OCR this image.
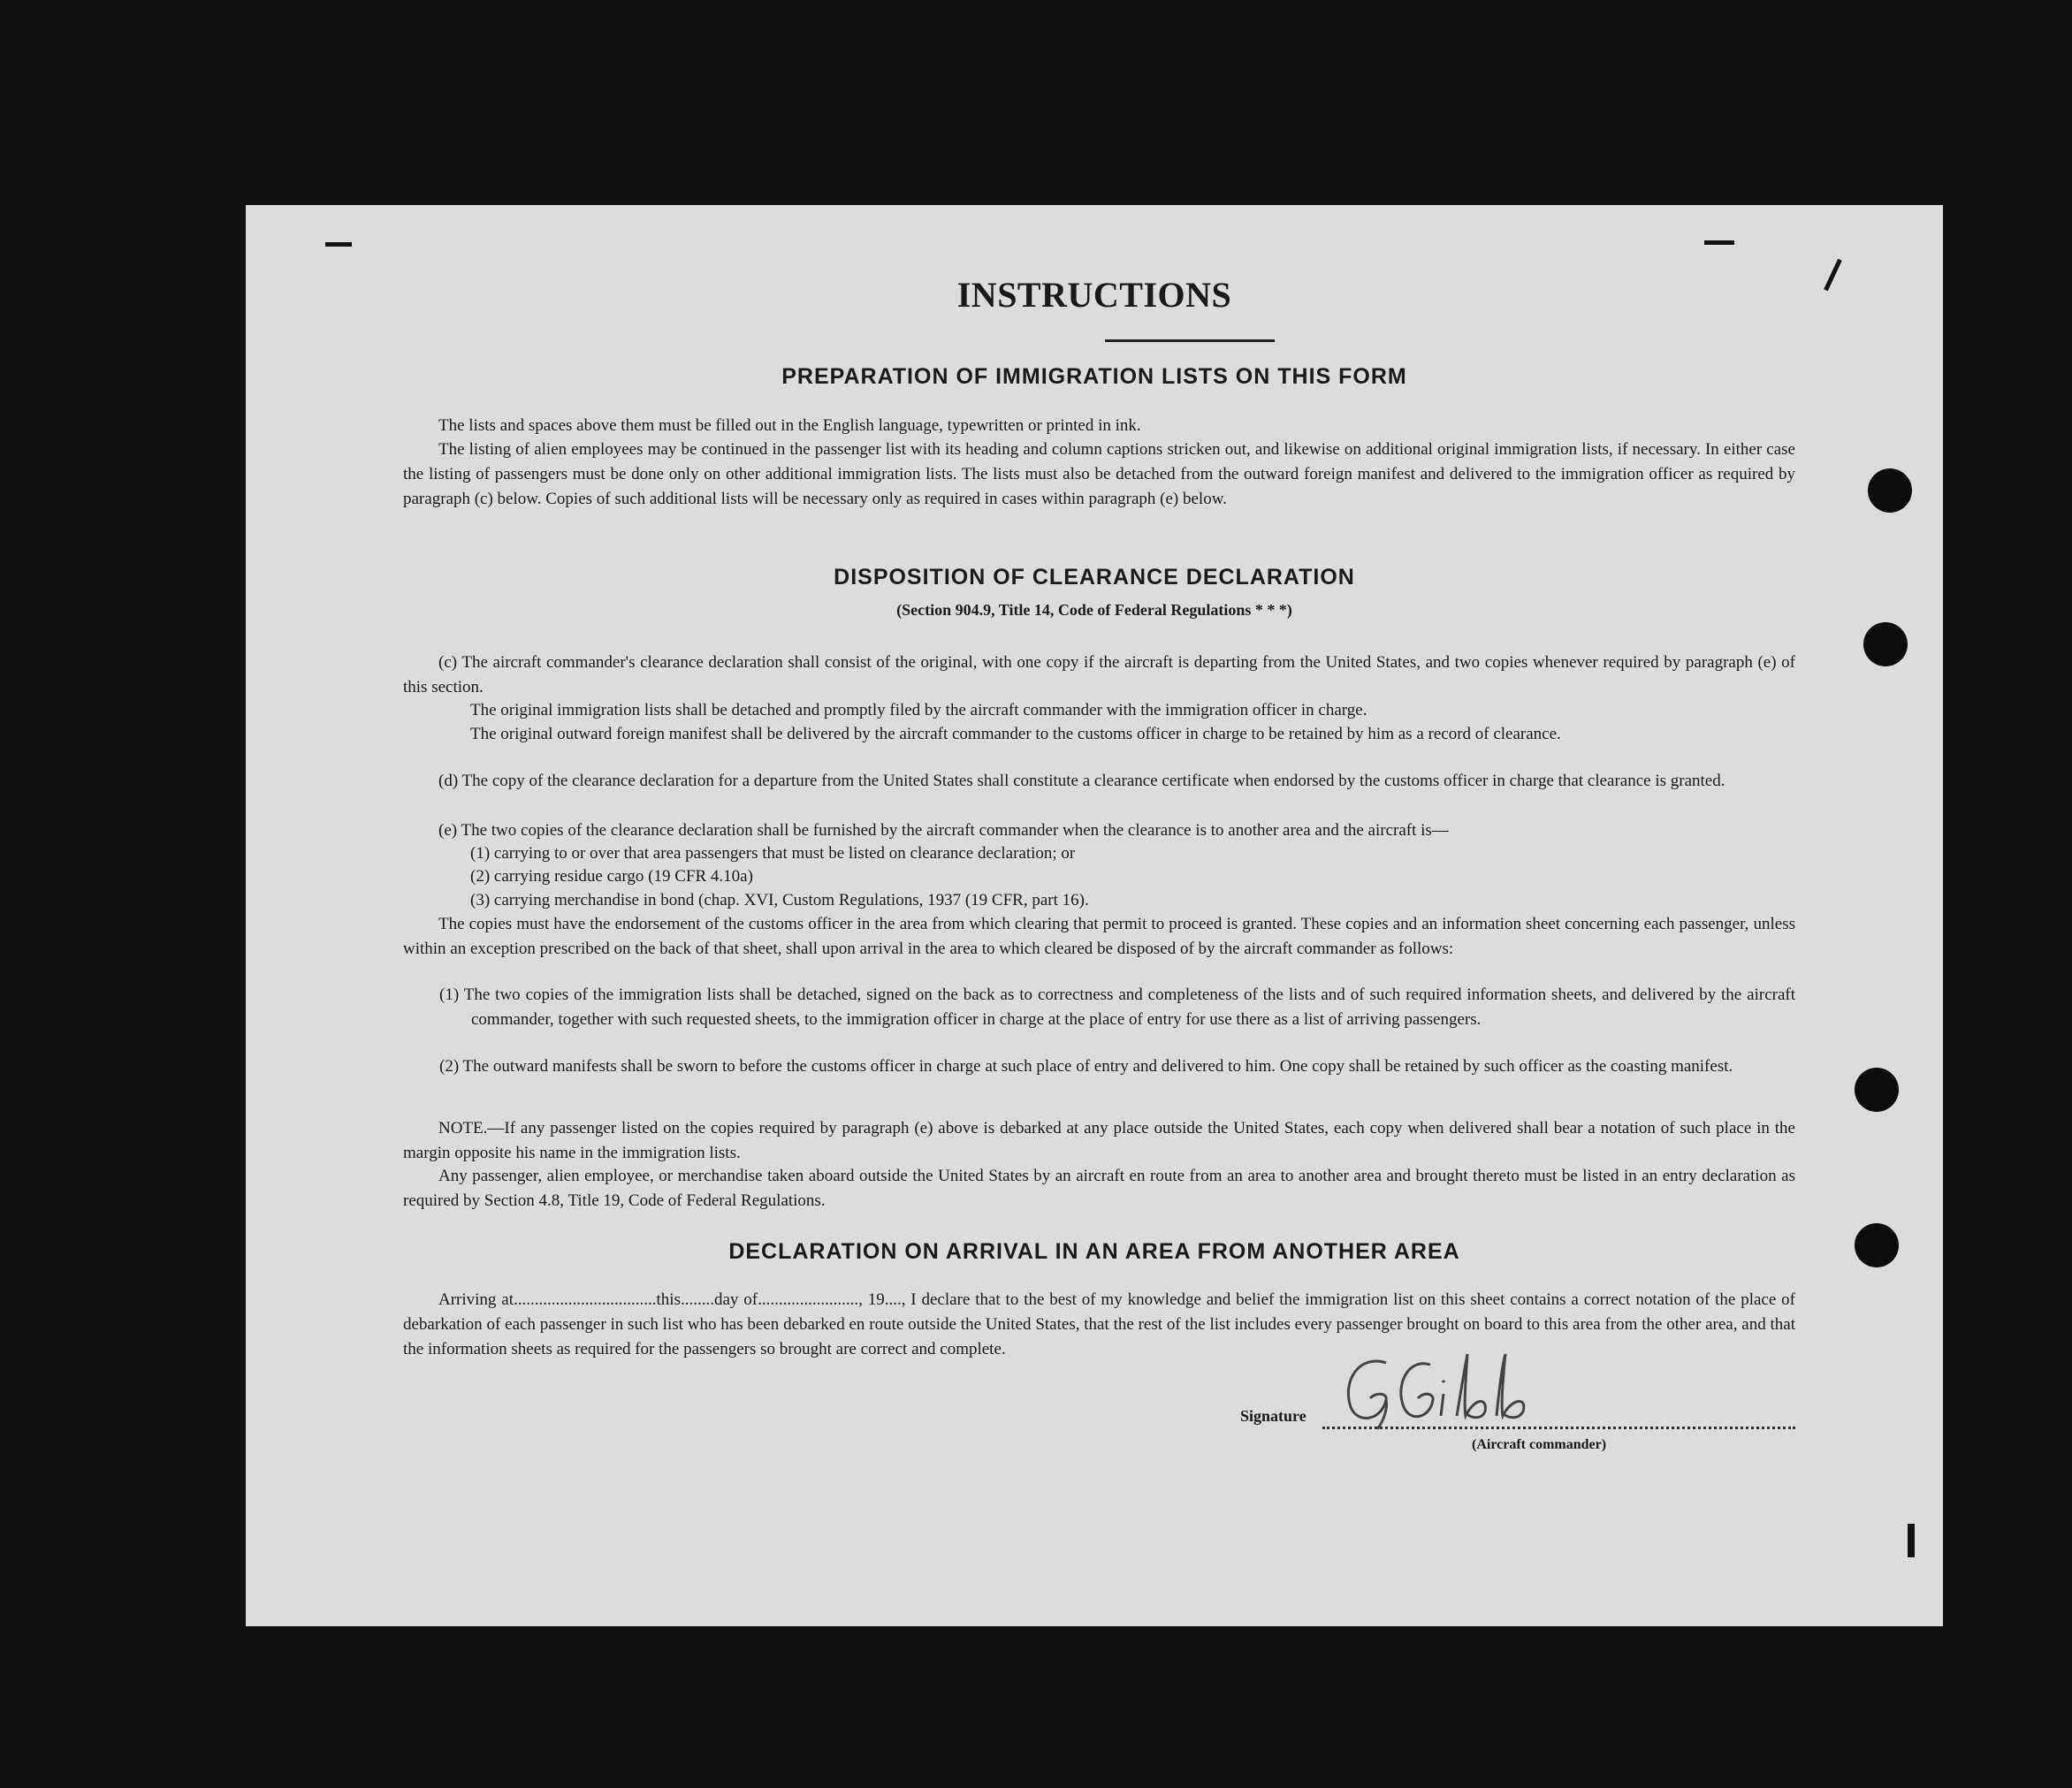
INSTRUCTIONS
PREPARATION OF IMMIGRATION LISTS ON THIS FORM
The lists and spaces above them must be filled out in the English language, typewritten or printed in ink.
The listing of alien employees may be continued in the passenger list with its heading and column captions stricken out, and likewise on additional original immigration lists, if necessary. In either case the listing of passengers must be done only on other additional immigration lists. The lists must also be detached from the outward foreign manifest and delivered to the immigration officer as required by paragraph (c) below. Copies of such additional lists will be necessary only as required in cases within paragraph (e) below.
DISPOSITION OF CLEARANCE DECLARATION
(Section 904.9, Title 14, Code of Federal Regulations * * *)
(c) The aircraft commander's clearance declaration shall consist of the original, with one copy if the aircraft is departing from the United States, and two copies whenever required by paragraph (e) of this section.
The original immigration lists shall be detached and promptly filed by the aircraft commander with the immigration officer in charge.
The original outward foreign manifest shall be delivered by the aircraft commander to the customs officer in charge to be retained by him as a record of clearance.
(d) The copy of the clearance declaration for a departure from the United States shall constitute a clearance certificate when endorsed by the customs officer in charge that clearance is granted.
(e) The two copies of the clearance declaration shall be furnished by the aircraft commander when the clearance is to another area and the aircraft is—
(1) carrying to or over that area passengers that must be listed on clearance declaration; or
(2) carrying residue cargo (19 CFR 4.10a)
(3) carrying merchandise in bond (chap. XVI, Custom Regulations, 1937 (19 CFR, part 16).
The copies must have the endorsement of the customs officer in the area from which clearing that permit to proceed is granted. These copies and an information sheet concerning each passenger, unless within an exception prescribed on the back of that sheet, shall upon arrival in the area to which cleared be disposed of by the aircraft commander as follows:
(1) The two copies of the immigration lists shall be detached, signed on the back as to correctness and completeness of the lists and of such required information sheets, and delivered by the aircraft commander, together with such requested sheets, to the immigration officer in charge at the place of entry for use there as a list of arriving passengers.
(2) The outward manifests shall be sworn to before the customs officer in charge at such place of entry and delivered to him. One copy shall be retained by such officer as the coasting manifest.
NOTE.—If any passenger listed on the copies required by paragraph (e) above is debarked at any place outside the United States, each copy when delivered shall bear a notation of such place in the margin opposite his name in the immigration lists.
Any passenger, alien employee, or merchandise taken aboard outside the United States by an aircraft en route from an area to another area and brought thereto must be listed in an entry declaration as required by Section 4.8, Title 19, Code of Federal Regulations.
DECLARATION ON ARRIVAL IN AN AREA FROM ANOTHER AREA
Arriving at..................................this........day of........................, 19...., I declare that to the best of my knowledge and belief the immigration list on this sheet contains a correct notation of the place of debarkation of each passenger in such list who has been debarked en route outside the United States, that the rest of the list includes every passenger brought on board to this area from the other area, and that the information sheets as required for the passengers so brought are correct and complete.
Signature
(Aircraft commander)
